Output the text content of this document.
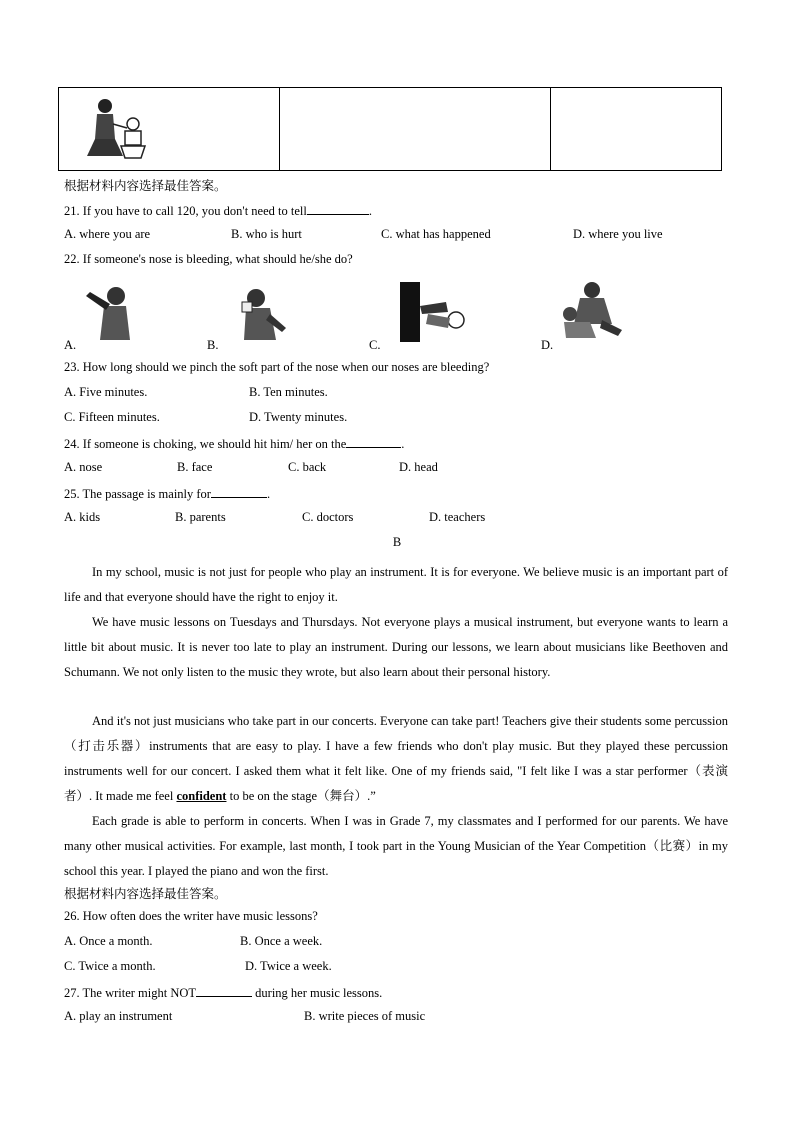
根据材料内容选择最佳答案。
21. If you have to call 120, you don't need to tell	.
A. where you are	B. who is hurt	C. what has happened	D. where you live
22. If someone's nose is bleeding, what should he/she do?
A.	B.	C.	D.
23. How long should we pinch the soft part of the nose when our noses are bleeding?
A. Five minutes.	B. Ten minutes.
C. Fifteen minutes.	D. Twenty minutes.
24. If someone is choking, we should hit him/ her on the	.
A. nose	B. face	C. back	D. head
25. The passage is mainly for	.
A. kids	B. parents	C. doctors	D. teachers
B
In my school, music is not just for people who play an instrument. It is for everyone. We believe music is an important part of life and that everyone should have the right to enjoy it.
We have music lessons on Tuesdays and Thursdays. Not everyone plays a musical instrument, but everyone wants to learn a little bit about music. It is never too late to play an instrument. During our lessons, we learn about musicians like Beethoven and Schumann. We not only listen to the music they wrote, but also learn about their personal history.
And it's not just musicians who take part in our concerts. Everyone can take part! Teachers give their students some percussion（打击乐器）instruments that are easy to play. I have a few friends who don't play music. But they played these percussion instruments well for our concert. I asked them what it felt like. One of my friends said, "I felt like I was a star performer（表演者）. It made me feel confident to be on the stage（舞台）.”
Each grade is able to perform in concerts. When I was in Grade 7, my classmates and I performed for our parents. We have many other musical activities. For example, last month, I took part in the Young Musician of the Year Competition（比赛）in my school this year. I played the piano and won the first.
根据材料内容选择最佳答案。
26. How often does the writer have music lessons?
A. Once a month.	B. Once a week.
C. Twice a month.	D. Twice a week.
27. The writer might NOT	during her music lessons.
A. play an instrument	B. write pieces of music
